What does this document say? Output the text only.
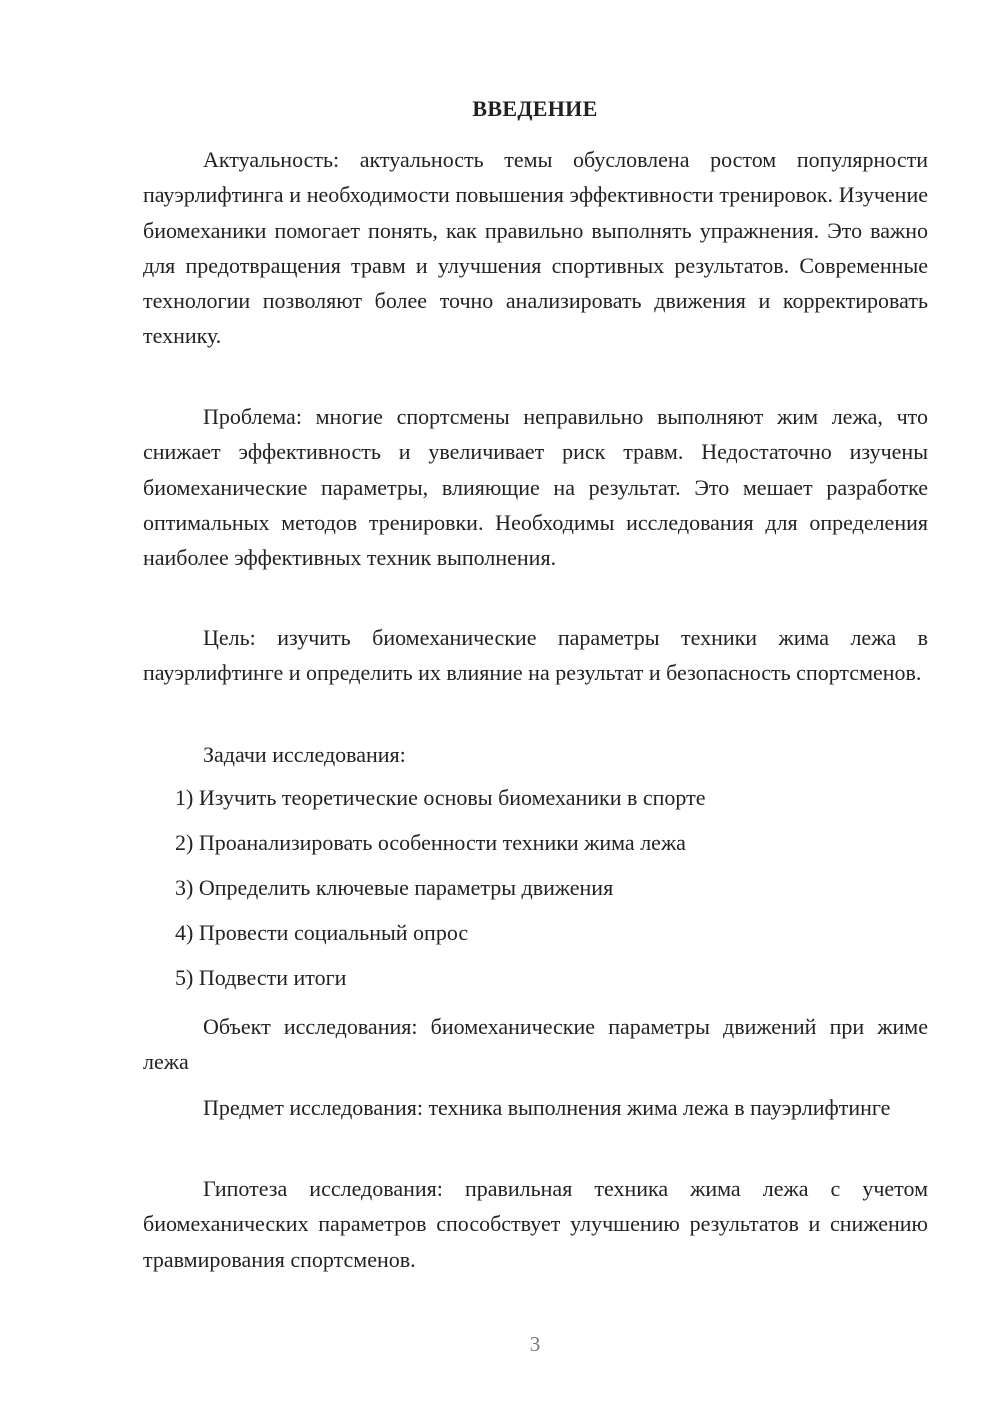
ВВЕДЕНИЕ

Актуальность: актуальность темы обусловлена ростом популярности пауэрлифтинга и необходимости повышения эффективности тренировок. Изучение биомеханики помогает понять, как правильно выполнять упражнения. Это важно для предотвращения травм и улучшения спортивных результатов. Современные технологии позволяют более точно анализировать движения и корректировать технику.

Проблема: многие спортсмены неправильно выполняют жим лежа, что снижает эффективность и увеличивает риск травм. Недостаточно изучены биомеханические параметры, влияющие на результат. Это мешает разработке оптимальных методов тренировки. Необходимы исследования для определения наиболее эффективных техник выполнения.

Цель: изучить биомеханические параметры техники жима лежа в пауэрлифтинге и определить их влияние на результат и безопасность спортсменов.

Задачи исследования:

1) Изучить теоретические основы биомеханики в спорте
2) Проанализировать особенности техники жима лежа
3) Определить ключевые параметры движения
4) Провести социальный опрос
5) Подвести итоги

Объект исследования: биомеханические параметры движений при жиме лежа

Предмет исследования: техника выполнения жима лежа в пауэрлифтинге

Гипотеза исследования: правильная техника жима лежа с учетом биомеханических параметров способствует улучшению результатов и снижению травмирования спортсменов.

3
